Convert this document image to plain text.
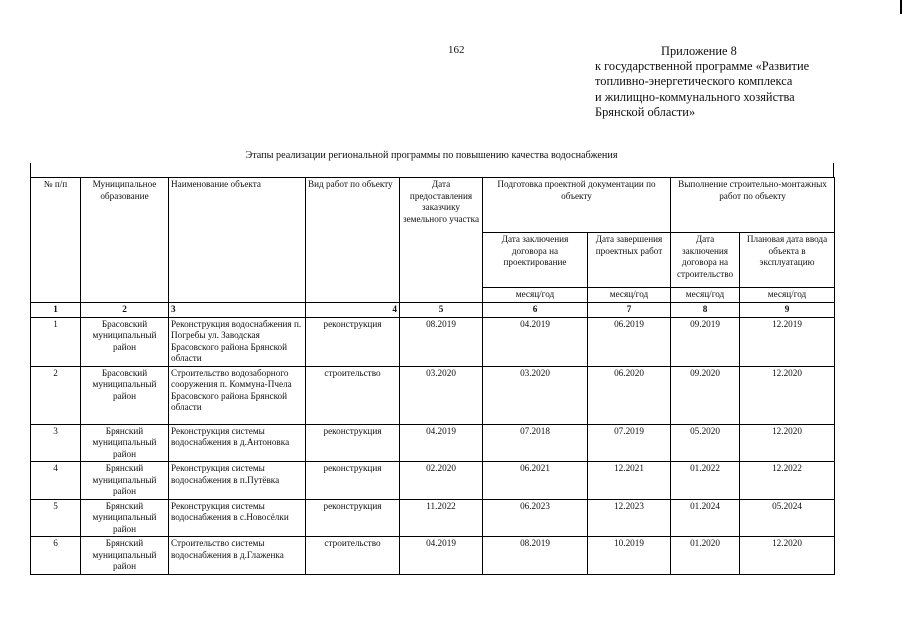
162	Приложение 8
к государственной программе «Развитие
топливно-энергетического комплекса
и жилищно-коммунального хозяйства
Брянской области»
Этапы реализации региональной программы по повышению качества водоснабжения
№ п/п	Муниципальное образование	Наименование объекта	Вид работ по объекту	Дата предоставления заказчику земельного участка	Подготовка проектной документации по объекту		Выполнение строительно-монтажных работ по объекту	
					Дата заключения договора на проектирование	Дата завершения проектных работ	Дата заключения договора на строительство	Плановая дата ввода объекта в эксплуатацию
					месяц/год	месяц/год	месяц/год	месяц/год
1	2	3	4	5	6	7	8	9
1	Брасовский муниципальный район	Реконструкция водоснабжения п. Погребы ул. Заводская Брасовского района Брянской области	реконструкция	08.2019	04.2019	06.2019	09.2019	12.2019
2	Брасовский муниципальный район	Строительство водозаборного сооружения п. Коммуна-Пчела Брасовского района Брянской области	строительство	03.2020	03.2020	06.2020	09.2020	12.2020
3	Брянский муниципальный район	Реконструкция системы водоснабжения в д.Антоновка	реконструкция	04.2019	07.2018	07.2019	05.2020	12.2020
4	Брянский муниципальный район	Реконструкция системы водоснабжения в п.Путёвка	реконструкция	02.2020	06.2021	12.2021	01.2022	12.2022
5	Брянский муниципальный район	Реконструкция системы водоснабжения в с.Новосёлки	реконструкция	11.2022	06.2023	12.2023	01.2024	05.2024
6	Брянский муниципальный район	Строительство системы водоснабжения в д.Глаженка	строительство	04.2019	08.2019	10.2019	01.2020	12.2020
